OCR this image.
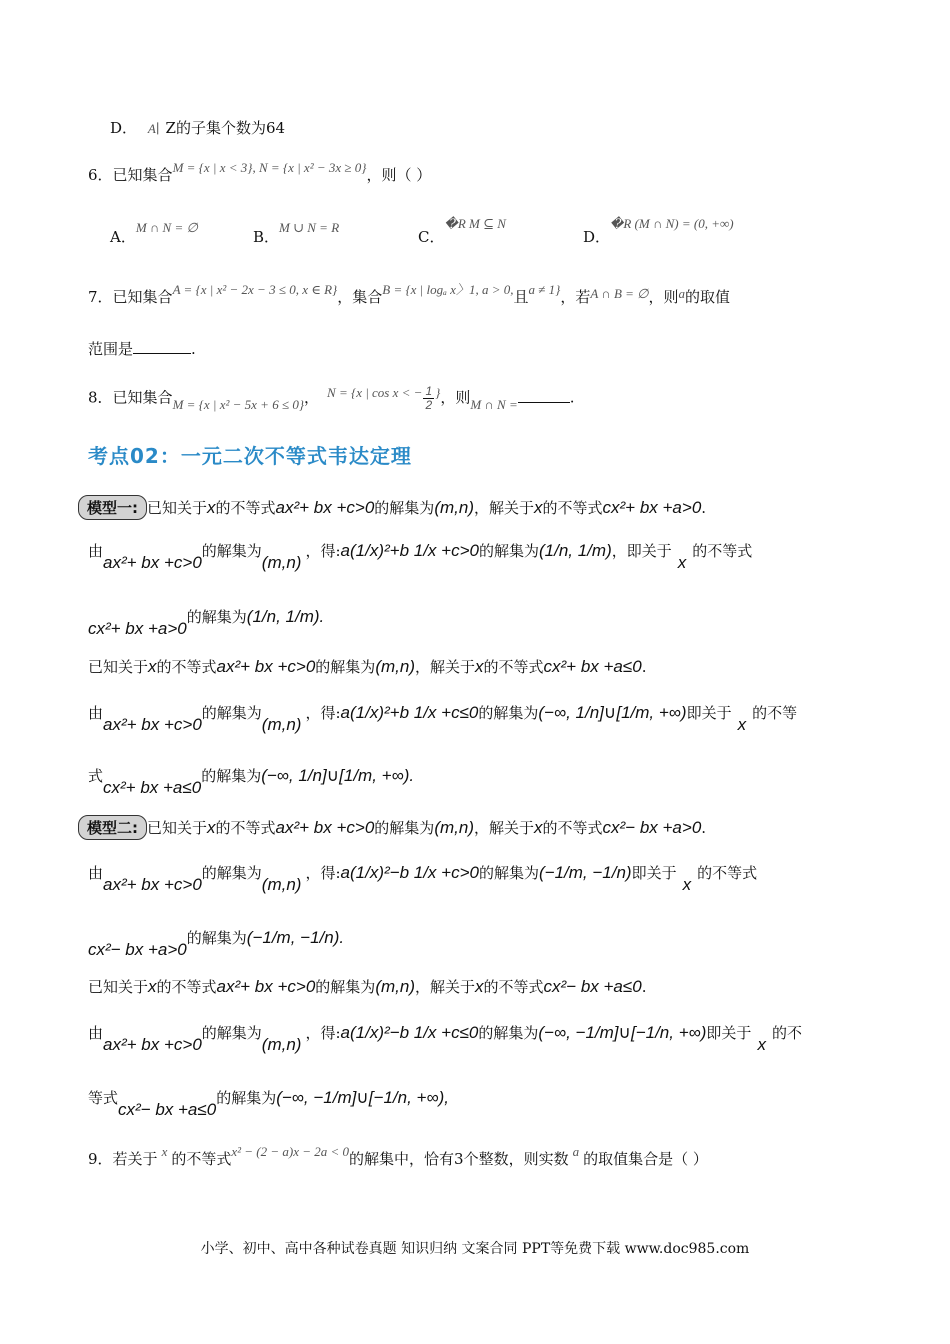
D． A∣ Z的子集个数为64
6．已知集合M = {x | x < 3}, N = {x | x² − 3x ≥ 0}，则（ ）
A．M ∩ N = ∅
B．M ∪ N = R
C．�R M ⊆ N
D．�R (M ∩ N) = (0, +∞)
7．已知集合A = {x | x² − 2x − 3 ≤ 0, x ∈ R}，集合B = {x | logₐ x〉1, a > 0,且a ≠ 1}，若A ∩ B = ∅，则a的取值
范围是	.
8．已知集合M = {x | x² − 5x + 6 ≤ 0}， N = {x | cos x < − $\frac{1}{2}$ }，则M ∩ N =	.
考点02：一元二次不等式韦达定理
模型一: 已知关于x的不等式ax²+ bx +c>0的解集为(m,n)，解关于x的不等式cx²+ bx +a>0.
由ax²+ bx +c>0的解集为(m,n)，得:a(1/x)²+b 1/x +c>0的解集为(1/n, 1/m)，即关于x的不等式
cx²+ bx +a>0的解集为(1/n, 1/m).
已知关于x的不等式ax²+ bx +c>0的解集为(m,n)，解关于x的不等式cx²+ bx +a≤0.
由ax²+ bx +c>0的解集为(m,n)，得:a(1/x)²+b 1/x +c≤0的解集为(−∞, 1/n]∪[1/m, +∞)即关于x的不等
式cx²+ bx +a≤0的解集为(−∞, 1/n]∪[1/m, +∞).
模型二: 已知关于x的不等式ax²+ bx +c>0的解集为(m,n)，解关于x的不等式cx²− bx +a>0.
由ax²+ bx +c>0的解集为(m,n)，得:a(1/x)²−b 1/x +c>0的解集为(−1/m, −1/n)即关于x的不等式
cx²− bx +a>0的解集为(−1/m, −1/n).
已知关于x的不等式ax²+ bx +c>0的解集为(m,n)，解关于x的不等式cx²− bx +a≤0.
由ax²+ bx +c>0的解集为(m,n)，得:a(1/x)²−b 1/x +c≤0的解集为(−∞, −1/m]∪[−1/n, +∞)即关于x的不
等式cx²− bx +a≤0的解集为(−∞, −1/m]∪[−1/n, +∞),
9．若关于 x 的不等式x² − (2 − a)x − 2a < 0的解集中，恰有3个整数，则实数 a 的取值集合是（ ）
小学、初中、高中各种试卷真题 知识归纳 文案合同 PPT等免费下载 www.doc985.com
